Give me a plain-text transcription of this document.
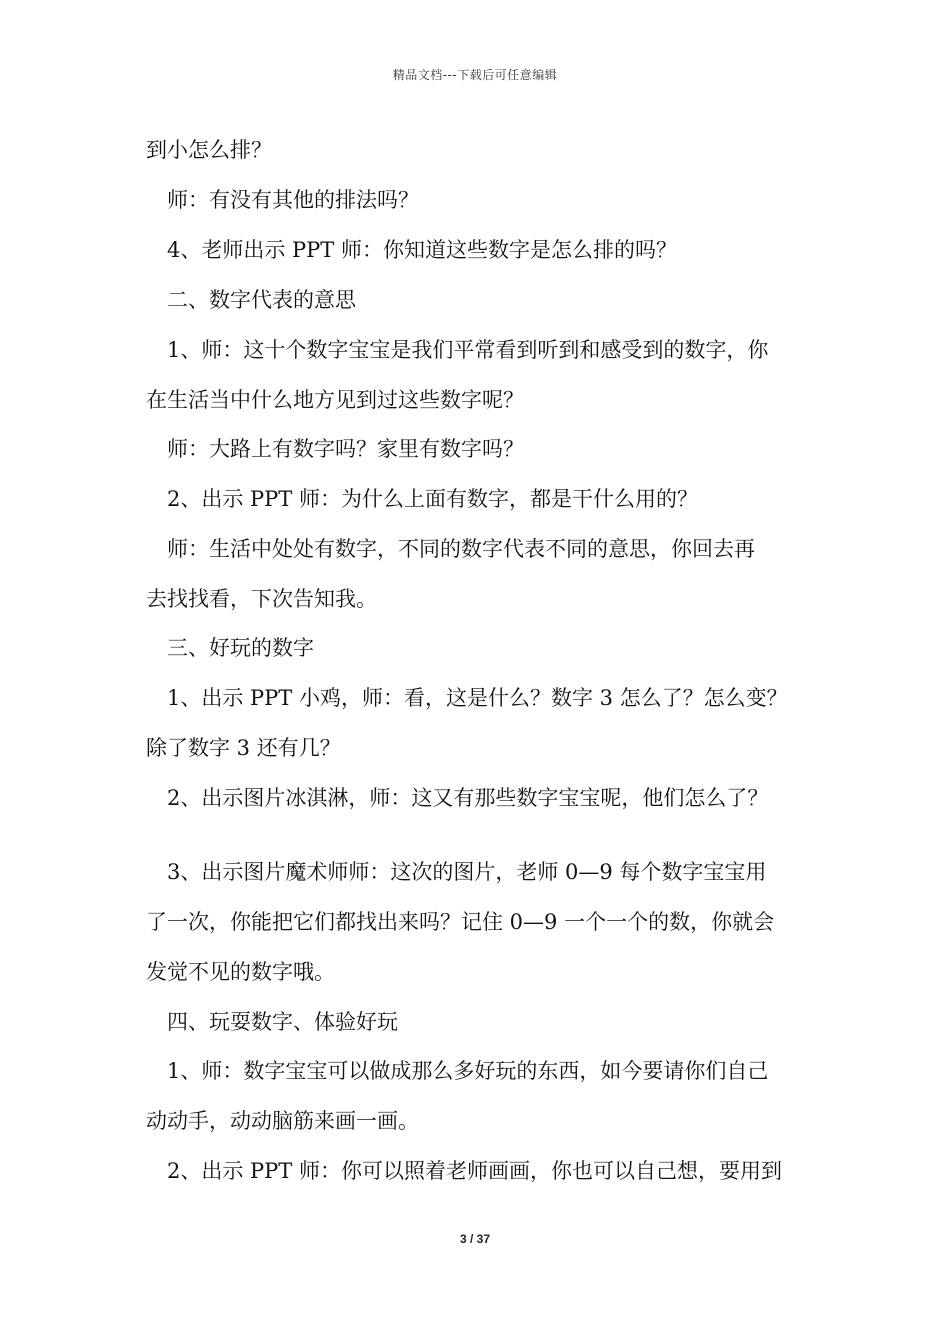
精品文档---下载后可任意编辑
到小怎么排？
　师：有没有其他的排法吗？
　4、老师出示 PPT 师：你知道这些数字是怎么排的吗？
　二、数字代表的意思
　1、师：这十个数字宝宝是我们平常看到听到和感受到的数字，你
在生活当中什么地方见到过这些数字呢？
　师：大路上有数字吗？家里有数字吗？
　2、出示 PPT 师：为什么上面有数字，都是干什么用的？
　师：生活中处处有数字，不同的数字代表不同的意思，你回去再
去找找看，下次告知我。
　三、好玩的数字
　1、出示 PPT 小鸡，师：看，这是什么？数字 3 怎么了？怎么变？
除了数字 3 还有几？
　2、出示图片冰淇淋，师：这又有那些数字宝宝呢，他们怎么了？
　3、出示图片魔术师师：这次的图片，老师 0—9 每个数字宝宝用
了一次，你能把它们都找出来吗？记住 0—9 一个一个的数，你就会
发觉不见的数字哦。
　四、玩耍数字、体验好玩
　1、师：数字宝宝可以做成那么多好玩的东西，如今要请你们自己
动动手，动动脑筋来画一画。
　2、出示 PPT 师：你可以照着老师画画，你也可以自己想，要用到
3 / 37
